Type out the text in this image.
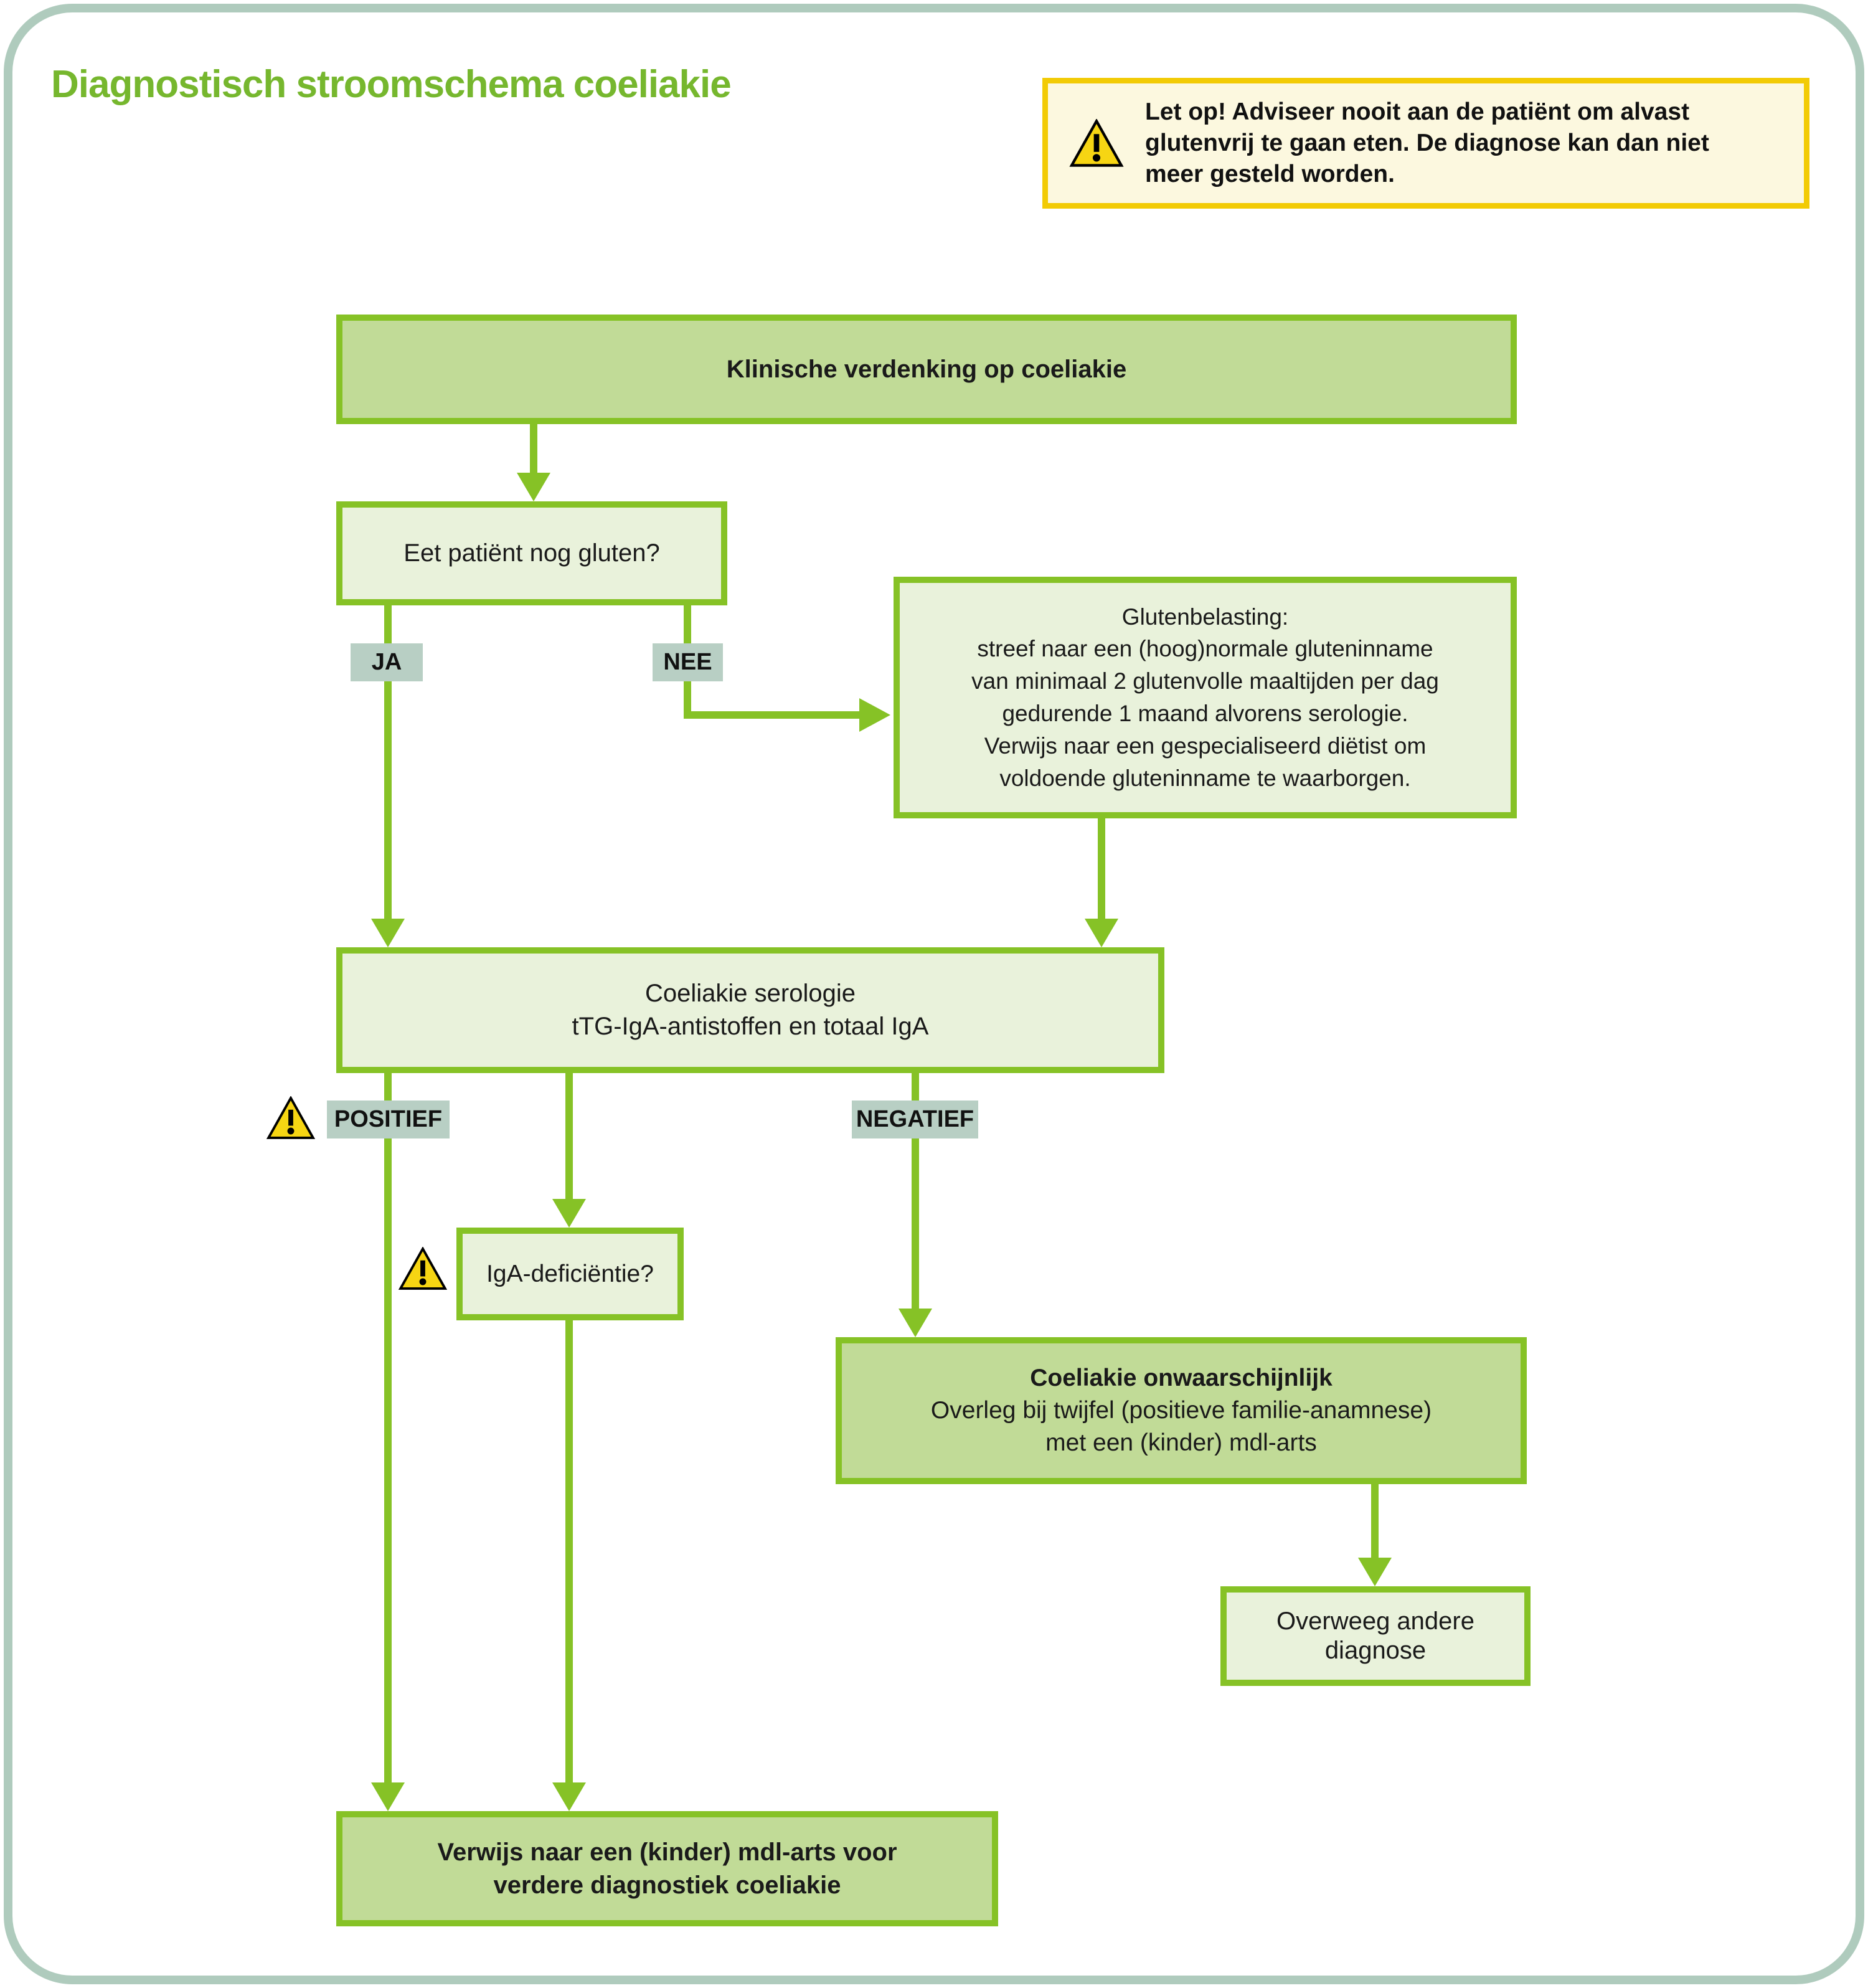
Diagnostisch stroomschema coeliakie
Let op! Adviseer nooit aan de patiënt om alvast
glutenvrij te gaan eten. De diagnose kan dan niet
meer gesteld worden.
Klinische verdenking op coeliakie
Eet patiënt nog gluten?
Glutenbelasting:
streef naar een (hoog)normale gluteninname
van minimaal 2 glutenvolle maaltijden per dag
gedurende 1 maand alvorens serologie.
Verwijs naar een gespecialiseerd diëtist om
voldoende gluteninname te waarborgen.
Coeliakie serologie
tTG-IgA-antistoffen en totaal IgA
IgA-deficiëntie?
Coeliakie onwaarschijnlijk
Overleg bij twijfel (positieve familie-anamnese)
met een (kinder) mdl-arts
Overweeg andere
diagnose
Verwijs naar een (kinder) mdl-arts voor
verdere diagnostiek coeliakie
JA	NEE
POSITIEF	NEGATIEF
